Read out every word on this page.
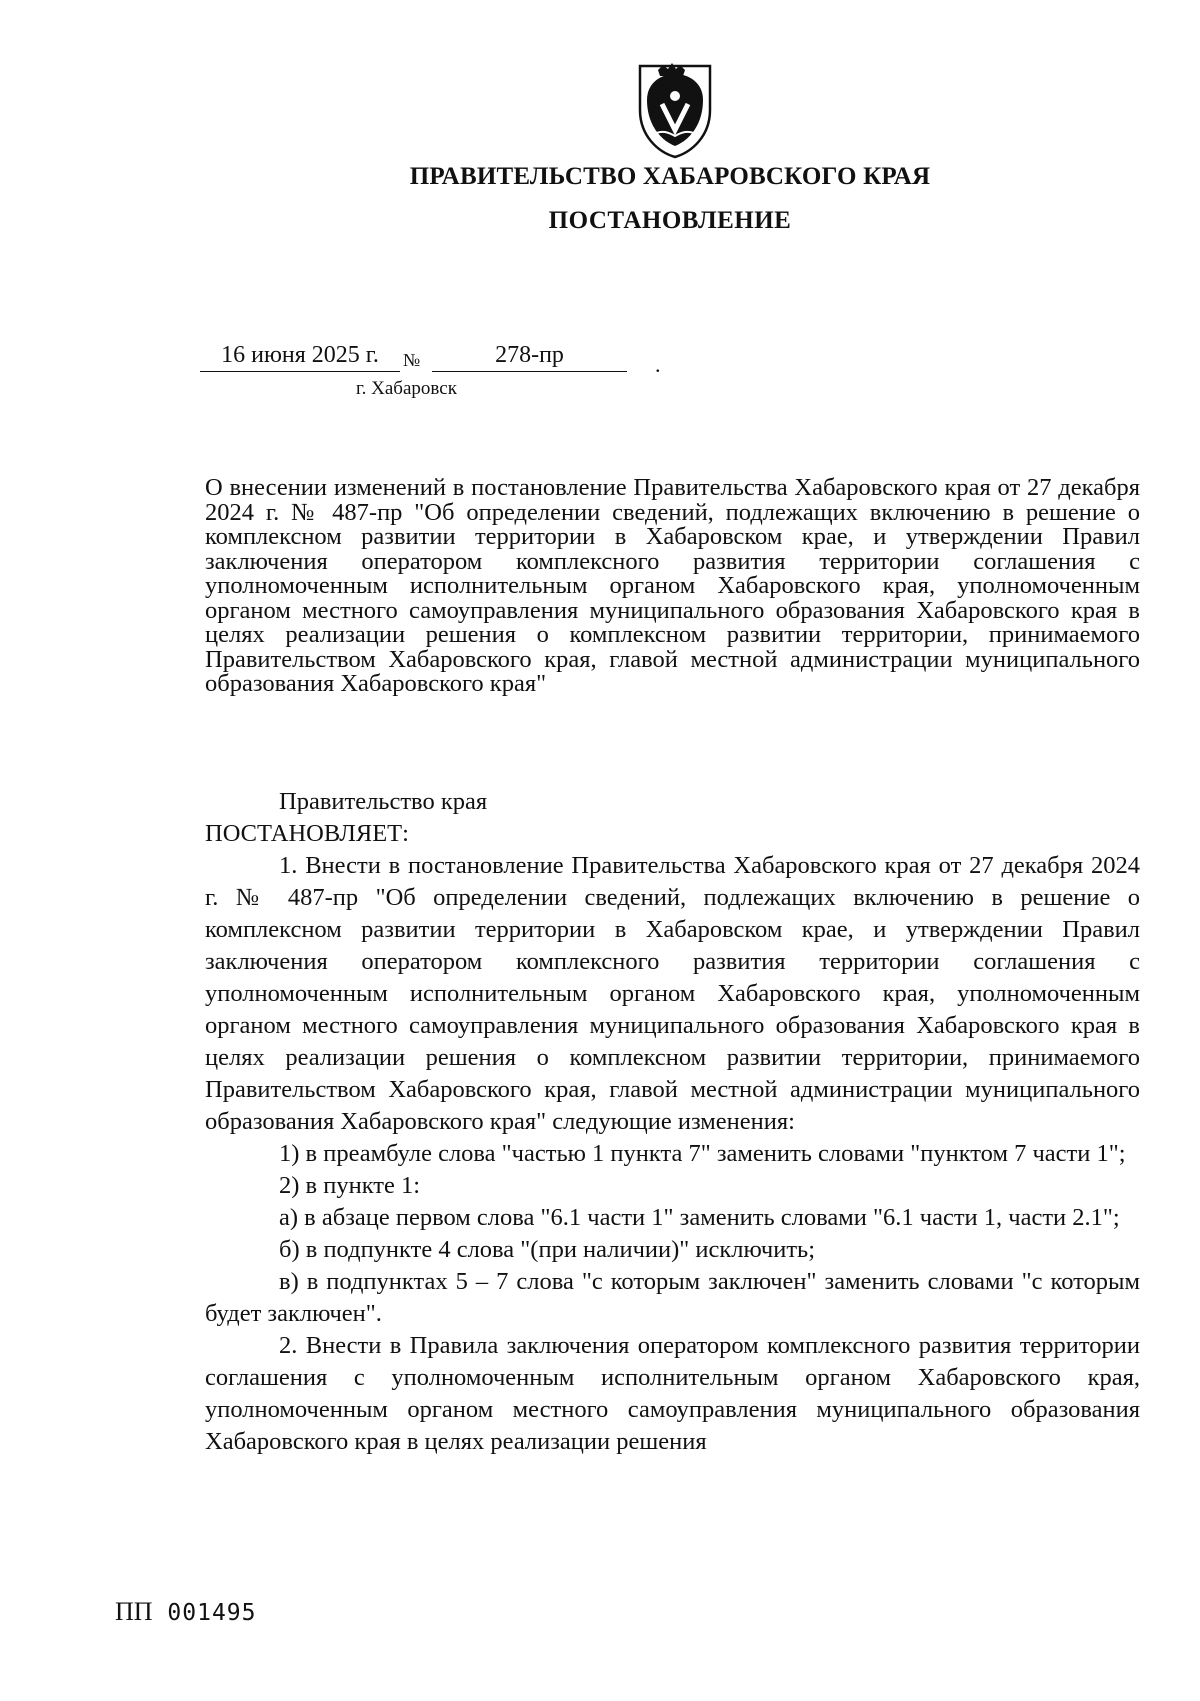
ПРАВИТЕЛЬСТВО ХАБАРОВСКОГО КРАЯ
ПОСТАНОВЛЕНИЕ
16 июня 2025 г.	№	278-пр	.
г. Хабаровск
О внесении изменений в постановление Правительства Хабаровского края от 27 декабря 2024 г. № 487-пр "Об определении сведений, подлежащих включению в решение о комплексном развитии территории в Хабаровском крае, и утверждении Правил заключения оператором комплексного развития территории соглашения с уполномоченным исполнительным органом Хабаровского края, уполномоченным органом местного самоуправления муниципального образования Хабаровского края в целях реализации решения о комплексном развитии территории, принимаемого Правительством Хабаровского края, главой местной администрации муниципального образования Хабаровского края"

Правительство края

ПОСТАНОВЛЯЕТ:

1. Внести в постановление Правительства Хабаровского края от 27 декабря 2024 г. № 487-пр "Об определении сведений, подлежащих включению в решение о комплексном развитии территории в Хабаровском крае, и утверждении Правил заключения оператором комплексного развития территории соглашения с уполномоченным исполнительным органом Хабаровского края, уполномоченным органом местного самоуправления муниципального образования Хабаровского края в целях реализации решения о комплексном развитии территории, принимаемого Правительством Хабаровского края, главой местной администрации муниципального образования Хабаровского края" следующие изменения:

1) в преамбуле слова "частью 1 пункта 7" заменить словами "пунктом 7 части 1";

2) в пункте 1:

а) в абзаце первом слова "6.1 части 1" заменить словами "6.1 части 1, части 2.1";

б) в подпункте 4 слова "(при наличии)" исключить;

в) в подпунктах 5 – 7 слова "с которым заключен" заменить словами "с которым будет заключен".

2. Внести в Правила заключения оператором комплексного развития территории соглашения с уполномоченным исполнительным органом Хабаровского края, уполномоченным органом местного самоуправления муниципального образования Хабаровского края в целях реализации решения

ПП 001495
